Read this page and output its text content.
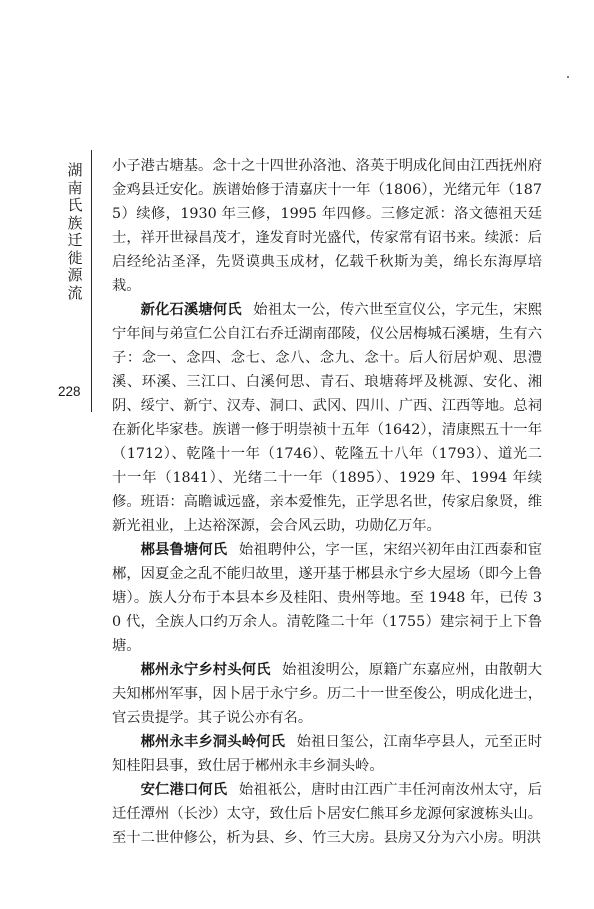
湖
南
氏
族
迁
徙
源
流
228

小子港古塘基。念十之十四世孙洛池、洛英于明成化间由江西抚州府金鸡县迁安化。族谱始修于清嘉庆十一年（1806），光绪元年（1875）续修，1930 年三修，1995 年四修。三修定派：洛文德祖天廷士，祥开世禄昌茂才，逢发育时光盛代，传家常有诏书来。续派：后启经纶沾圣泽，先贤谟典玉成材，亿载千秋斯为美，绵长东海厚培栽。

新化石溪塘何氏 始祖太一公，传六世至宣仪公，字元生，宋熙宁年间与弟宣仁公自江右乔迁湖南邵陵，仪公居梅城石溪塘，生有六子：念一、念四、念七、念八、念九、念十。后人衍居炉观、思澧溪、环溪、三江口、白溪何思、青石、琅塘蒋坪及桃源、安化、湘阴、绥宁、新宁、汉寿、洞口、武冈、四川、广西、江西等地。总祠在新化毕家巷。族谱一修于明崇祯十五年（1642），清康熙五十一年（1712）、乾隆十一年（1746）、乾隆五十八年（1793）、道光二十一年（1841）、光绪二十一年（1895）、1929 年、1994 年续修。班语：高瞻诚远盛，亲本爱惟先，正学思名世，传家启象贤，维新光祖业，上达裕深源，会合风云助，功勋亿万年。

郴县鲁塘何氏 始祖聘仲公，字一匡，宋绍兴初年由江西泰和宦郴，因夏金之乱不能归故里，遂开基于郴县永宁乡大屋场（即今上鲁塘）。族人分布于本县本乡及桂阳、贵州等地。至 1948 年，已传 30 代，全族人口约万余人。清乾隆二十年（1755）建宗祠于上下鲁塘。

郴州永宁乡村头何氏 始祖浚明公，原籍广东嘉应州，由散朝大夫知郴州军事，因卜居于永宁乡。历二十一世至俊公，明成化进士，官云贵提学。其子说公亦有名。

郴州永丰乡洞头岭何氏 始祖日玺公，江南华亭县人，元至正时知桂阳县事，致仕居于郴州永丰乡洞头岭。

安仁港口何氏 始祖祇公，唐时由江西广丰任河南汝州太守，后迁任潭州（长沙）太守，致仕后卜居安仁熊耳乡龙源何家渡栋头山。至十二世仲修公，析为县、乡、竹三大房。县房又分为六小房。明洪
